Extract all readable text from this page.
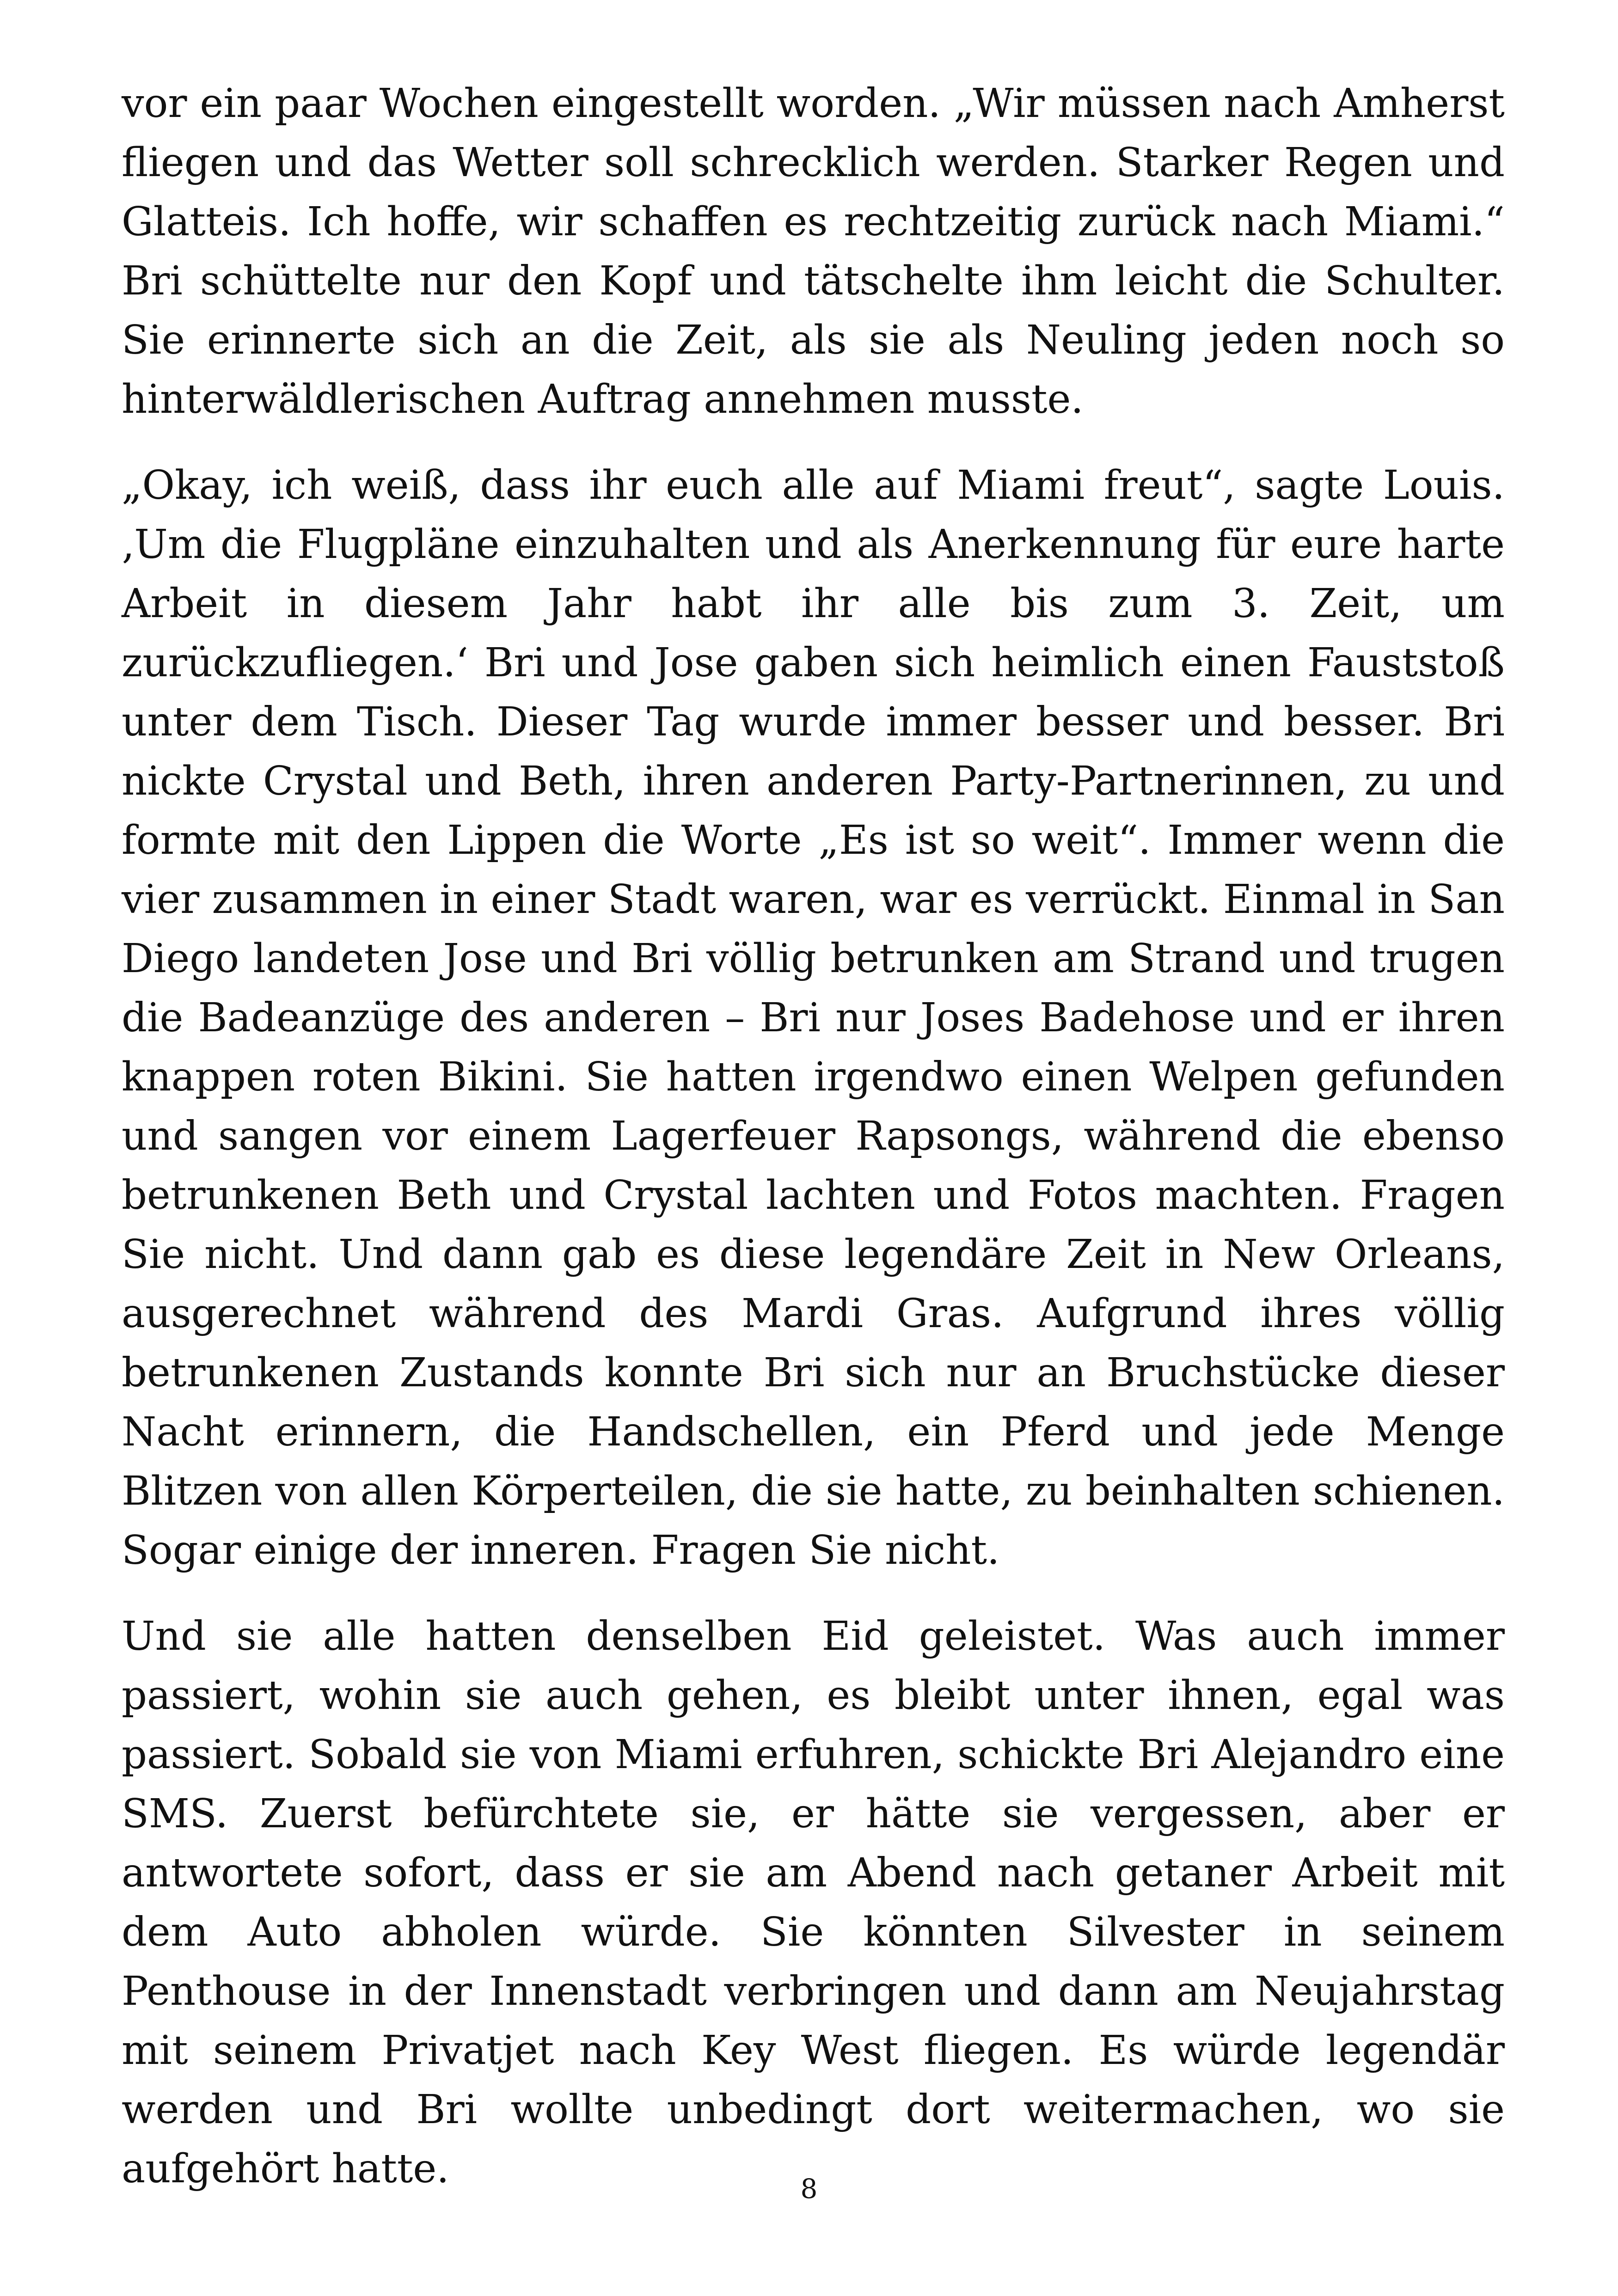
vor ein paar Wochen eingestellt worden. „Wir müssen nach Amherst fliegen und das Wetter soll schrecklich werden. Starker Regen und Glatteis. Ich hoffe, wir schaffen es rechtzeitig zurück nach Miami.“ Bri schüttelte nur den Kopf und tätschelte ihm leicht die Schulter. Sie erinnerte sich an die Zeit, als sie als Neuling jeden noch so hinterwäldlerischen Auftrag annehmen musste.

„Okay, ich weiß, dass ihr euch alle auf Miami freut“, sagte Louis. ‚Um die Flugpläne einzuhalten und als Anerkennung für eure harte Arbeit in diesem Jahr habt ihr alle bis zum 3. Zeit, um zurückzufliegen.‘ Bri und Jose gaben sich heimlich einen Fauststoß unter dem Tisch. Dieser Tag wurde immer besser und besser. Bri nickte Crystal und Beth, ihren anderen Party-Partnerinnen, zu und formte mit den Lippen die Worte „Es ist so weit“. Immer wenn die vier zusammen in einer Stadt waren, war es verrückt. Einmal in San Diego landeten Jose und Bri völlig betrunken am Strand und trugen die Badeanzüge des anderen – Bri nur Joses Badehose und er ihren knappen roten Bikini. Sie hatten irgendwo einen Welpen gefunden und sangen vor einem Lagerfeuer Rapsongs, während die ebenso betrunkenen Beth und Crystal lachten und Fotos machten. Fragen Sie nicht. Und dann gab es diese legendäre Zeit in New Orleans, ausgerechnet während des Mardi Gras. Aufgrund ihres völlig betrunkenen Zustands konnte Bri sich nur an Bruchstücke dieser Nacht erinnern, die Handschellen, ein Pferd und jede Menge Blitzen von allen Körperteilen, die sie hatte, zu beinhalten schienen. Sogar einige der inneren. Fragen Sie nicht.

Und sie alle hatten denselben Eid geleistet. Was auch immer passiert, wohin sie auch gehen, es bleibt unter ihnen, egal was passiert. Sobald sie von Miami erfuhren, schickte Bri Alejandro eine SMS. Zuerst befürchtete sie, er hätte sie vergessen, aber er antwortete sofort, dass er sie am Abend nach getaner Arbeit mit dem Auto abholen würde. Sie könnten Silvester in seinem Penthouse in der Innenstadt verbringen und dann am Neujahrstag mit seinem Privatjet nach Key West fliegen. Es würde legendär werden und Bri wollte unbedingt dort weitermachen, wo sie aufgehört hatte.	8
